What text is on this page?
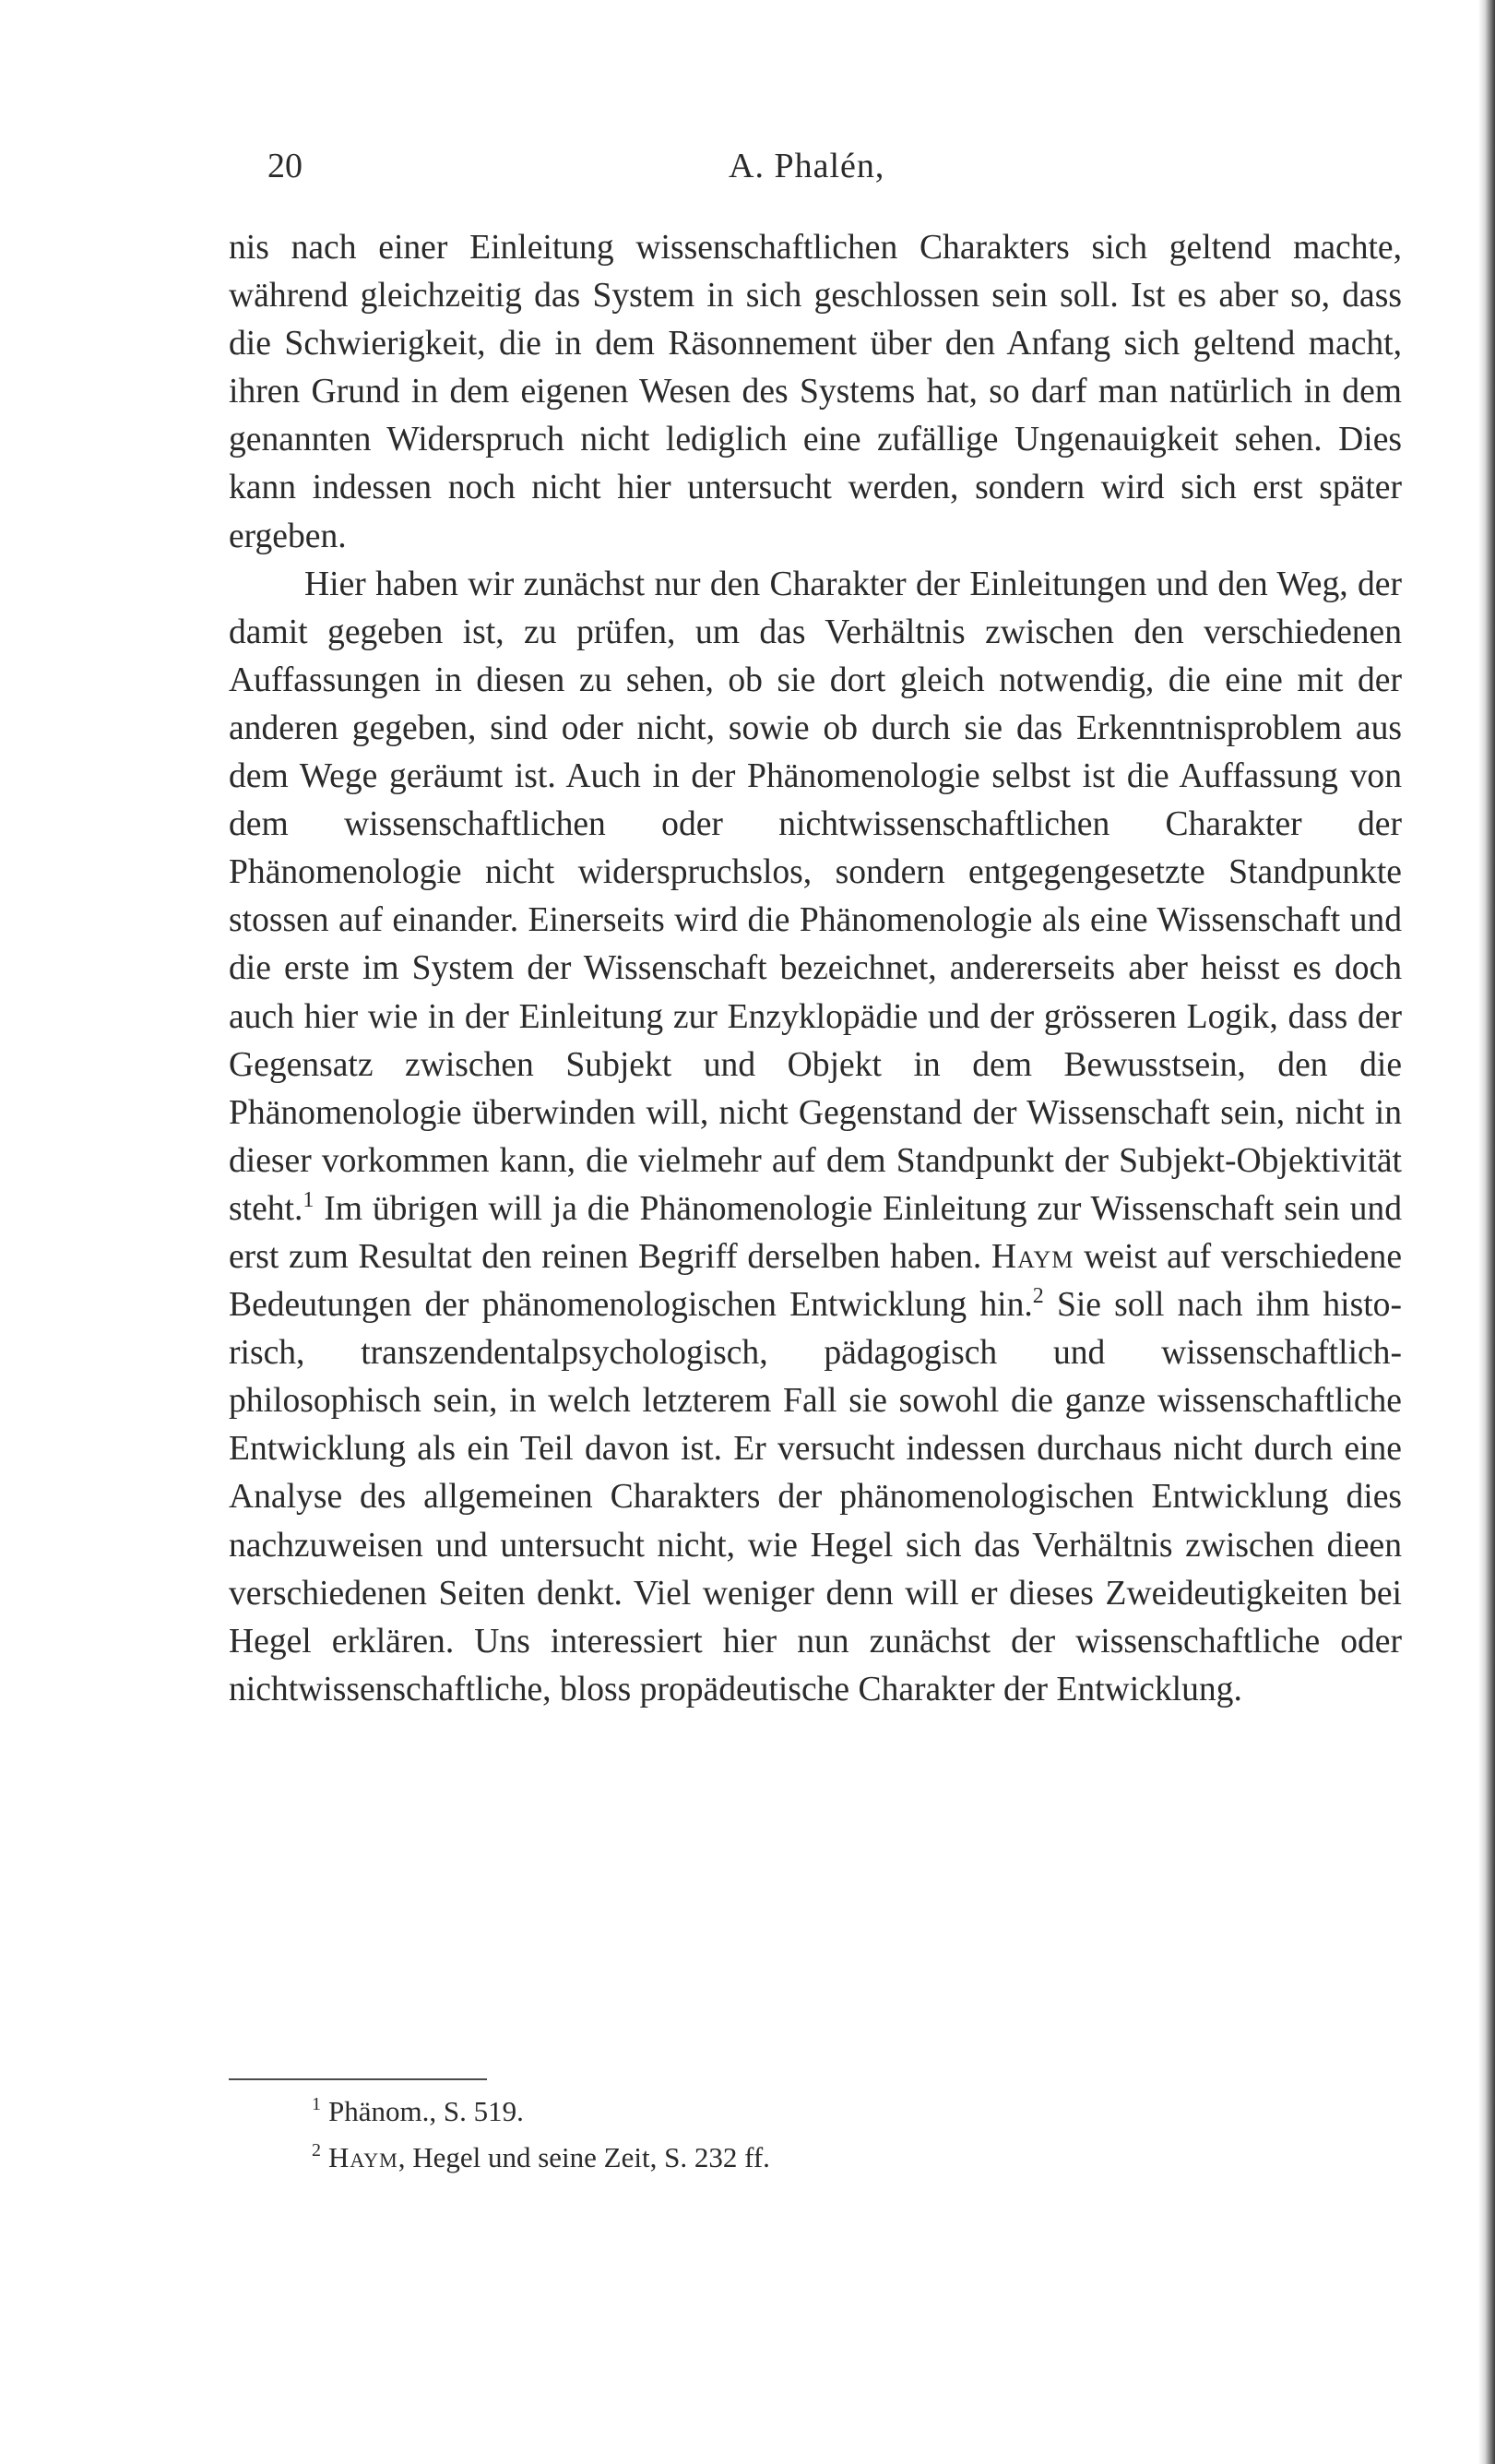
20	A. Phalén,

nis nach einer Einleitung wissenschaftlichen Charakters sich geltend machte, während gleichzeitig das System in sich geschlossen sein soll. Ist es aber so, dass die Schwierigkeit, die in dem Räsonnement über den Anfang sich geltend macht, ihren Grund in dem eigenen Wesen des Systems hat, so darf man natürlich in dem genannten Widerspruch nicht lediglich eine zufällige Ungenauigkeit sehen. Dies kann indessen noch nicht hier untersucht werden, sondern wird sich erst später ergeben.

Hier haben wir zunächst nur den Charakter der Einleitungen und den Weg, der damit gegeben ist, zu prüfen, um das Verhältnis zwischen den verschiedenen Auffassungen in diesen zu sehen, ob sie dort gleich notwendig, die eine mit der anderen gegeben, sind oder nicht, sowie ob durch sie das Erkenntnisproblem aus dem Wege geräumt ist. Auch in der Phänomenologie selbst ist die Auffassung von dem wissenschaftlichen oder nichtwissenschaftlichen Charakter der Phänomenologie nicht widerspruchslos, sondern entgegengesetzte Standpunkte stossen auf einander. Einerseits wird die Phänomenologie als eine Wissenschaft und die erste im System der Wissenschaft bezeichnet, andererseits aber heisst es doch auch hier wie in der Einleitung zur Enzyklopädie und der grösseren Logik, dass der Gegensatz zwischen Subjekt und Objekt in dem Bewusstsein, den die Phänomenologie überwinden will, nicht Gegenstand der Wissenschaft sein, nicht in dieser vorkommen kann, die vielmehr auf dem Standpunkt der Subjekt-Objektivität steht.$^1$ Im übrigen will ja die Phänomenologie Einleitung zur Wissenschaft sein und erst zum Resultat den reinen Begriff derselben haben. Haym weist auf verschiedene Bedeutungen der phänomenologischen Entwicklung hin.$^2$ Sie soll nach ihm historisch, transzendentalpsychologisch, pädagogisch und wissenschaftlich-philosophisch sein, in welch letzterem Fall sie sowohl die ganze wissenschaftliche Entwicklung als ein Teil davon ist. Er versucht indessen durchaus nicht durch eine Analyse des allgemeinen Charakters der phänomenologischen Entwicklung dies nachzuweisen und untersucht nicht, wie Hegel sich das Verhältnis zwischen dieen verschiedenen Seiten denkt. Viel weniger denn will er dieses Zweideutigkeiten bei Hegel erklären. Uns interessiert hier nun zunächst der wissenschaftliche oder nichtwissenschaftliche, bloss propädeutische Charakter der Entwicklung.

$^1$ Phänom., S. 519.
$^2$ Haym, Hegel und seine Zeit, S. 232 ff.
